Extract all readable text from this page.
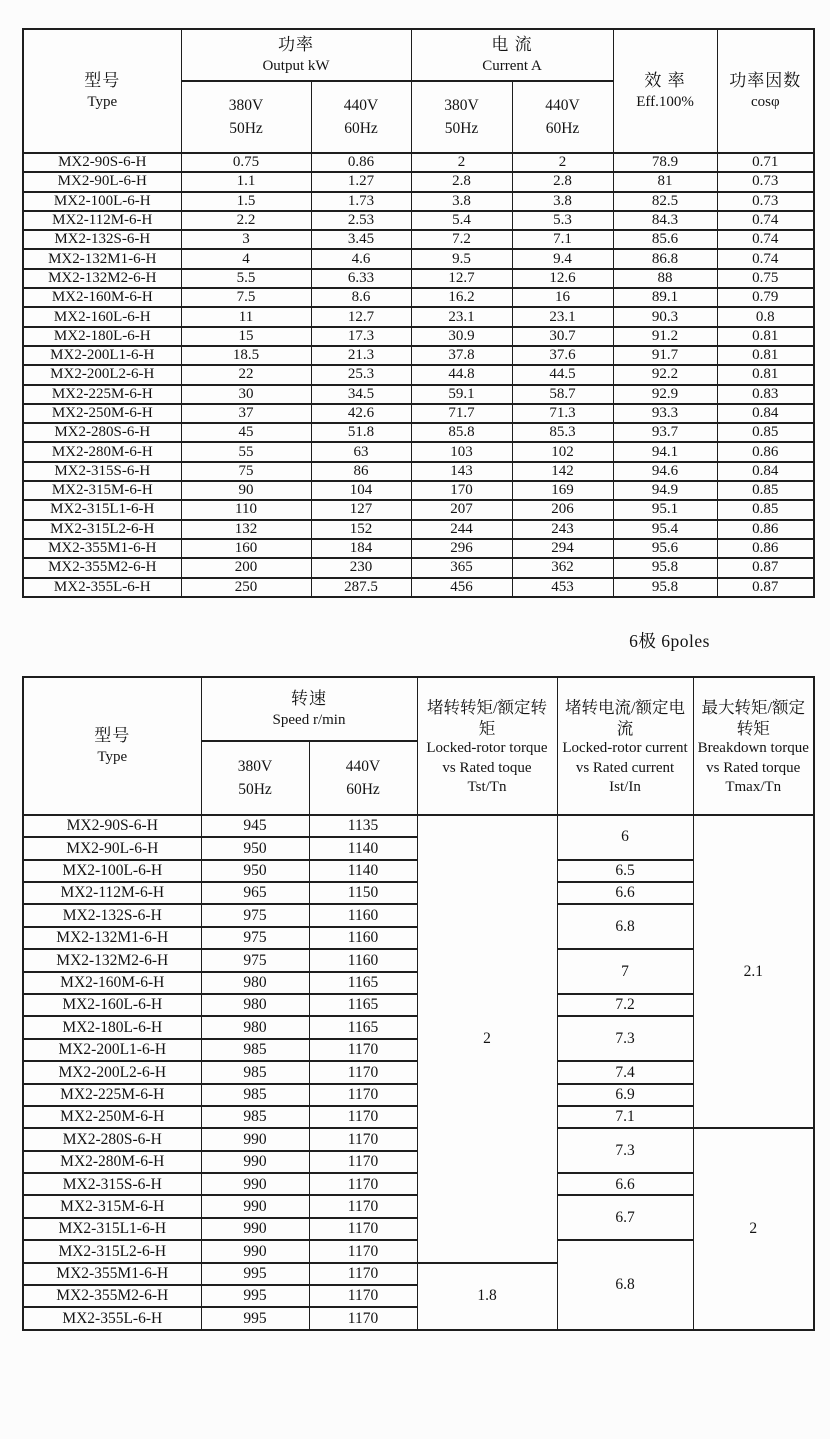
型号
Type	功率
Output kW		电 流
Current A		效 率
Eff.100%	功率因数
cosφ

	380V
50Hz	440V
60Hz	380V
50Hz	440V
60Hz		

MX2-90S-6-H	0.75	0.86	2	2	78.9	0.71
MX2-90L-6-H	1.1	1.27	2.8	2.8	81	0.73
MX2-100L-6-H	1.5	1.73	3.8	3.8	82.5	0.73
MX2-112M-6-H	2.2	2.53	5.4	5.3	84.3	0.74
MX2-132S-6-H	3	3.45	7.2	7.1	85.6	0.74
MX2-132M1-6-H	4	4.6	9.5	9.4	86.8	0.74
MX2-132M2-6-H	5.5	6.33	12.7	12.6	88	0.75
MX2-160M-6-H	7.5	8.6	16.2	16	89.1	0.79
MX2-160L-6-H	11	12.7	23.1	23.1	90.3	0.8
MX2-180L-6-H	15	17.3	30.9	30.7	91.2	0.81
MX2-200L1-6-H	18.5	21.3	37.8	37.6	91.7	0.81
MX2-200L2-6-H	22	25.3	44.8	44.5	92.2	0.81
MX2-225M-6-H	30	34.5	59.1	58.7	92.9	0.83
MX2-250M-6-H	37	42.6	71.7	71.3	93.3	0.84
MX2-280S-6-H	45	51.8	85.8	85.3	93.7	0.85
MX2-280M-6-H	55	63	103	102	94.1	0.86
MX2-315S-6-H	75	86	143	142	94.6	0.84
MX2-315M-6-H	90	104	170	169	94.9	0.85
MX2-315L1-6-H	110	127	207	206	95.1	0.85
MX2-315L2-6-H	132	152	244	243	95.4	0.86
MX2-355M1-6-H	160	184	296	294	95.6	0.86
MX2-355M2-6-H	200	230	365	362	95.8	0.87
MX2-355L-6-H	250	287.5	456	453	95.8	0.87
6极 6poles
型号
Type	转速
Speed r/min		堵转转矩/额定转矩
Locked-rotor torque vs Rated toque
Tst/Tn	堵转电流/额定电流
Locked-rotor current vs Rated current
Ist/In	最大转矩/额定转矩
Breakdown torque vs Rated torque
Tmax/Tn

	380V
50Hz	440V
60Hz			

MX2-90S-6-H	945	1135	2	6	2.1
MX2-90L-6-H	950	1140			
MX2-100L-6-H	950	1140		6.5	
MX2-112M-6-H	965	1150		6.6	
MX2-132S-6-H	975	1160		6.8	
MX2-132M1-6-H	975	1160			
MX2-132M2-6-H	975	1160		7	
MX2-160M-6-H	980	1165			
MX2-160L-6-H	980	1165		7.2	
MX2-180L-6-H	980	1165		7.3	
MX2-200L1-6-H	985	1170			
MX2-200L2-6-H	985	1170		7.4	
MX2-225M-6-H	985	1170		6.9	
MX2-250M-6-H	985	1170		7.1	
MX2-280S-6-H	990	1170		7.3	2
MX2-280M-6-H	990	1170			
MX2-315S-6-H	990	1170		6.6	
MX2-315M-6-H	990	1170		6.7	
MX2-315L1-6-H	990	1170			
MX2-315L2-6-H	990	1170		6.8	
MX2-355M1-6-H	995	1170	1.8		
MX2-355M2-6-H	995	1170			
MX2-355L-6-H	995	1170			
